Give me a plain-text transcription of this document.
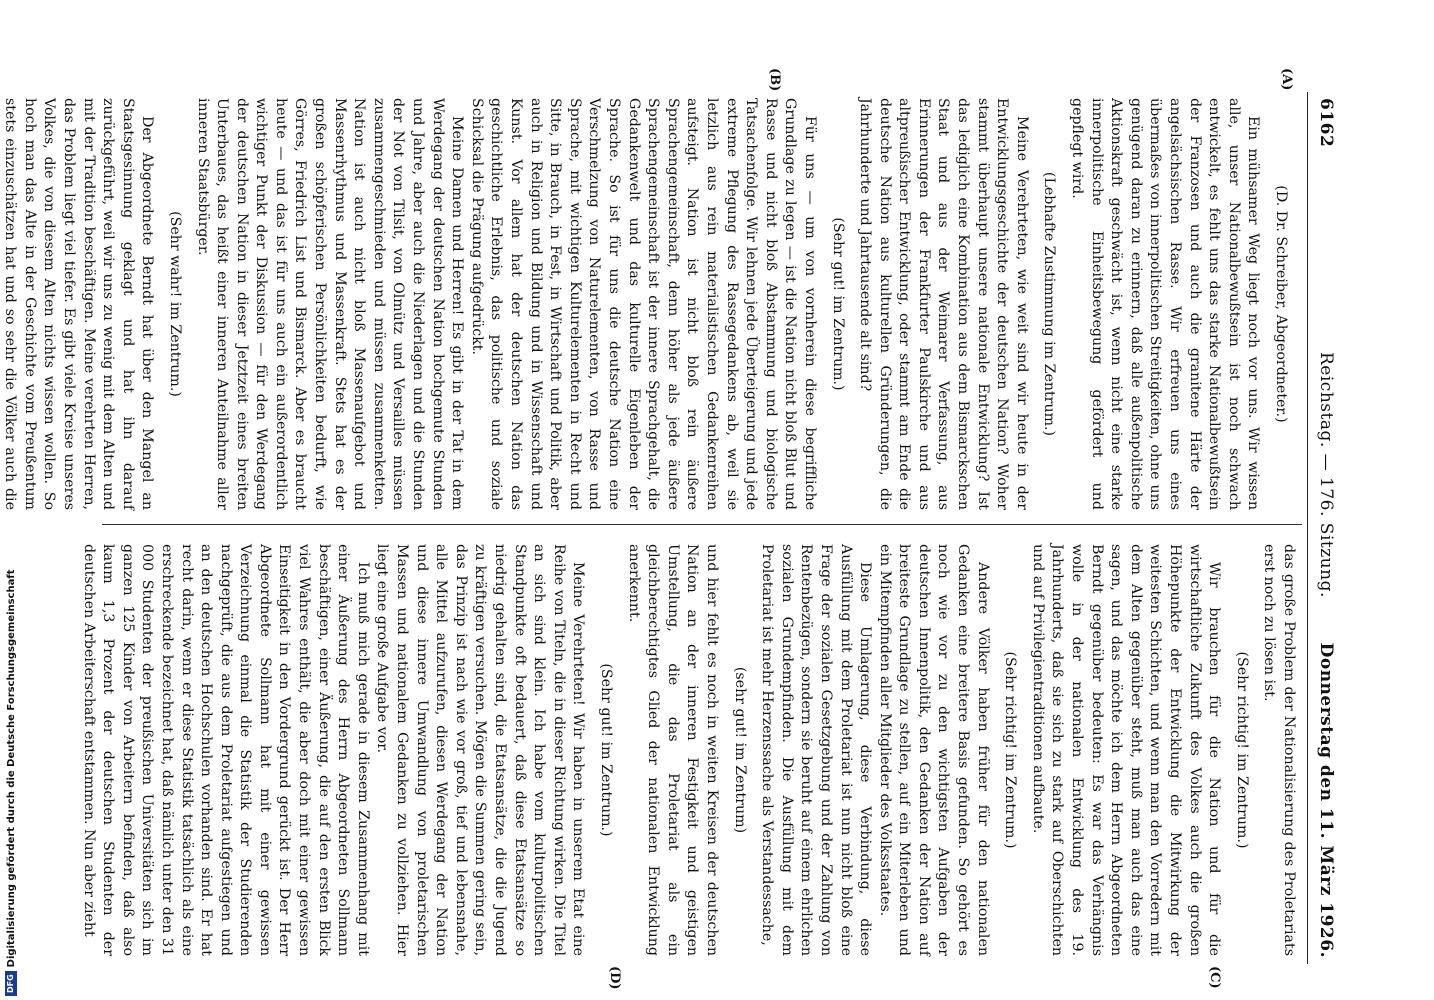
6162
Reichstag. — 176. Sitzung.
Donnerstag den 11. März 1926.
(A)
(B)
(C)
(D)

(D. Dr. Schreiber, Abgeordneter.)

Ein mühsamer Weg liegt noch vor uns. Wir wissen alle, unser Nationalbewußtsein ist noch schwach entwickelt, es fehlt uns das starke Nationalbewußtsein der Franzosen und auch die granitene Härte der angelsächsischen Rasse. Wir erfreuen uns eines übermaßes von innerpolitischen Streitigkeiten, ohne uns genügend daran zu erinnern, daß alle außenpolitische Aktionskraft geschwächt ist, wenn nicht eine starke innerpolitische Einheitsbewegung gefördert und gepflegt wird.

(Lebhafte Zustimmung im Zentrum.)

Meine Verehrteten, wie weit sind wir heute in der Entwicklungsgeschichte der deutschen Nation? Woher stammt überhaupt unsere nationale Entwicklung? Ist das lediglich eine Kombination aus dem Bismarckschen Staat und aus der Weimarer Verfassung, aus Erinnerungen der Frankfurter Paulskirche und aus altpreußischer Entwicklung, oder stammt am Ende die deutsche Nation aus kulturellen Gründerungen, die Jahrhunderte und Jahrtausende alt sind?

(Sehr gut! im Zentrum.)

Für uns — um von vornherein diese begriffliche Grundlage zu legen — ist die Nation nicht bloß Blut und Rasse und nicht bloß Abstammung und biologische Tatsachenfolge. Wir lehnen jede Überteigerung und jede extreme Pflegung des Rassegedankens ab, weil sie letzlich aus rein materialistischen Gedankenreihen aufsteigt. Nation ist nicht bloß rein äußere Sprachengemeinschaft, denn höher als jede äußere Sprachengemeinschaft ist der innere Sprachgehalt, die Gedankenwelt und das kulturelle Eigenleben der Sprache. So ist für uns die deutsche Nation eine Verschmelzung von Naturelementen, von Rasse und Sprache, mit wichtigen Kulturelementen in Recht und Sitte, in Brauch, in Fest, in Wirtschaft und Politik, aber auch in Religion und Bildung und in Wissenschaft und Kunst. Vor allem hat der deutschen Nation das geschichtliche Erlebnis, das politische und soziale Schicksal die Prägung aufgedrückt.

Meine Damen und Herren! Es gibt in der Tat in dem Werdegang der deutschen Nation hochgemute Stunden und Jahre, aber auch die Niederlagen und die Stunden der Not von Tilsit, von Olmütz und Versailles müssen zusammengeschmieden und müssen zusammenketten. Nation ist auch nicht bloß Massenaufgebot und Massenrhythmus und Massenkraft. Stets hat es der großen schöpferischen Persönlichkeiten bedurft, wie Görres, Friedrich List und Bismarck. Aber es braucht heute — und das ist für uns auch ein außerordentlich wichtiger Punkt der Diskussion — für den Werdegang der deutschen Nation in dieser Jetztzeit eines breiten Unterbaues, das heißt einer inneren Anteilnahme aller inneren Staatsbürger.

(Sehr wahr! im Zentrum.)

Der Abgeordnete Berndt hat über den Mangel an Staatsgesinnung geklagt und hat ihn darauf zurückgeführt, weil wir uns zu wenig mit dem Alten und mit der Tradition beschäftigen. Meine verehrten Herren, das Problem liegt viel tiefer. Es gibt viele Kreise unseres Volkes, die von diesem Alten nichts wissen wollen. So hoch man das Alte in der Geschichte vom Preußentum stets einzuschätzen hat und so sehr die Völker auch die

das große Problem der Nationalisierung des Proletariats erst noch zu lösen ist.

(Sehr richtig! im Zentrum.)

Wir brauchen für die Nation und für die wirtschaftliche Zukunft des Volkes auch die großen Höhepunkte der Entwicklung die Mitwirkung der weitesten Schichten, und wenn man den Vorredern mit dem Alten gegenüber steht, muß man auch das eine sagen, und das möchte ich dem Herrn Abgeordneten Berndt gegenüber bedeuten: Es war das Verhängnis wolle in der nationalen Entwicklung des 19. Jahrhunderts, daß sie sich zu stark auf Oberschichten und auf Privilegientraditionen aufbaute.

(Sehr richtig! im Zentrum.)

Andere Völker haben früher für den nationalen Gedanken eine breitere Basis gefunden. So gehört es noch wie vor zu den wichtigsten Aufgaben der deutschen Innenpolitik, den Gedanken der Nation auf breiteste Grundlage zu stellen, auf ein Miterleben und ein Mitempfinden aller Mitglieder des Volksstaates.

Diese Umlagerung, diese Verbindung, diese Ausfüllung mit dem Proletariat ist nun nicht bloß eine Frage der sozialen Gesetzgebung und der Zahlung von Rentenbezügen, sondern sie beruht auf einem ehrlichen sozialen Grundempfinden. Die Ausfüllung mit dem Proletariat ist mehr Herzenssache als Verstandessache,

(sehr gut! im Zentrum)

und hier fehlt es noch in weiten Kreisen der deutschen Nation an der inneren Festigkeit und geistigen Umstellung, die das Proletariat als ein gleichberechtigtes Glied der nationalen Entwicklung anerkennt.

(Sehr gut! im Zentrum.)

Meine Verehrteten! Wir haben in unserem Etat eine Reihe von Titeln, die in dieser Richtung wirken. Die Titel an sich sind klein. Ich habe vom kulturpolitischen Standpunkte oft bedauert, daß diese Etatsansätze so niedrig gehalten sind, die Etatsansätze, die die Jugend zu kräftigen versuchen. Mögen die Summen gering sein, das Prinzip ist nach wie vor groß, tief und lebensnahe, alle Mittel aufzurufen, diesen Werdegang der Nation und diese innere Umwandlung von proletarischen Massen und nationalem Gedanken zu vollziehen. Hier liegt eine große Aufgabe vor.

Ich muß mich gerade in diesem Zusammenhang mit einer Äußerung des Herrn Abgeordneten Sollmann beschäftigen, einer Äußerung, die auf den ersten Blick viel Wahres enthält, die aber doch mit einer gewissen Einseitigkeit in den Vordergrund gerückt ist. Der Herr Abgeordnete Sollmann hat mit einer gewissen Verzeichnung einmal die Statistik der Studierenden nachgeprüft, die aus dem Proletariat aufgestiegen und an den deutschen Hochschulen vorhanden sind. Er hat recht darin, wenn er diese Statistik tatsächlich als eine erschreckende bezeichnet hat, daß nämlich unter den 31 000 Studenten der preußischen Universitäten sich im ganzen 125 Kinder von Arbeitern befinden, daß also kaum 1,3 Prozent der deutschen Studenten der deutschen Arbeiterschaft entstammen. Nun aber zieht

DFGDigitalisierung gefördert durch die Deutsche Forschungsgemeinschaft
